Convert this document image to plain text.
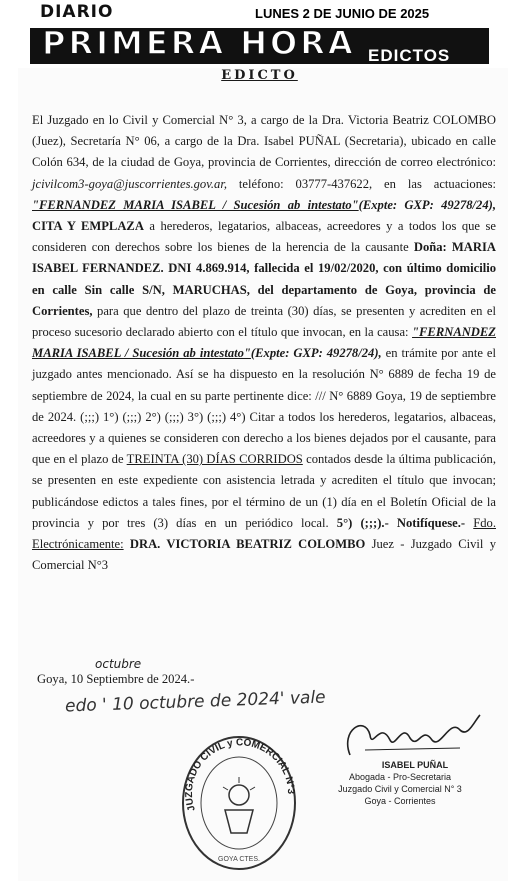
DIARIO	LUNES 2 DE JUNIO DE 2025
PRIMERA HORA EDICTOS
EDICTO

El Juzgado en lo Civil y Comercial N° 3, a cargo de la Dra. Victoria Beatriz COLOMBO (Juez), Secretaría N° 06, a cargo de la Dra. Isabel PUÑAL (Secretaria), ubicado en calle Colón 634, de la ciudad de Goya, provincia de Corrientes, dirección de correo electrónico: jcivilcom3-goya@juscorrientes.gov.ar, teléfono: 03777-437622, en las actuaciones: "FERNANDEZ MARIA ISABEL / Sucesión ab intestato"(Expte: GXP: 49278/24), CITA Y EMPLAZA a herederos, legatarios, albaceas, acreedores y a todos los que se consideren con derechos sobre los bienes de la herencia de la causante Doña: MARIA ISABEL FERNANDEZ. DNI 4.869.914, fallecida el 19/02/2020, con último domicilio en calle Sin calle S/N, MARUCHAS, del departamento de Goya, provincia de Corrientes, para que dentro del plazo de treinta (30) días, se presenten y acrediten en el proceso sucesorio declarado abierto con el título que invocan, en la causa: "FERNANDEZ MARIA ISABEL / Sucesión ab intestato"(Expte: GXP: 49278/24), en trámite por ante el juzgado antes mencionado. Así se ha dispuesto en la resolución N° 6889 de fecha 19 de septiembre de 2024, la cual en su parte pertinente dice: /// N° 6889 Goya, 19 de septiembre de 2024. (;;;) 1°) (;;;) 2°) (;;;) 3°) (;;;) 4°) Citar a todos los herederos, legatarios, albaceas, acreedores y a quienes se consideren con derecho a los bienes dejados por el causante, para que en el plazo de TREINTA (30) DÍAS CORRIDOS contados desde la última publicación, se presenten en este expediente con asistencia letrada y acrediten el título que invocan; publicándose edictos a tales fines, por el término de un (1) día en el Boletín Oficial de la provincia y por tres (3) días en un periódico local. 5°) (;;;).- Notifíquese.- Fdo. Electrónicamente: DRA. VICTORIA BEATRIZ COLOMBO Juez - Juzgado Civil y Comercial N°3

Goya, 10 Septiembre de 2024.-
octubre
edo ' 10 octubre de 2024' vale
JUZGADO CIVIL y COMERCIAL N°3
GOYA CTES.
ISABEL PUÑAL
Abogada - Pro-Secretaria
Juzgado Civil y Comercial N° 3
Goya - Corrientes
